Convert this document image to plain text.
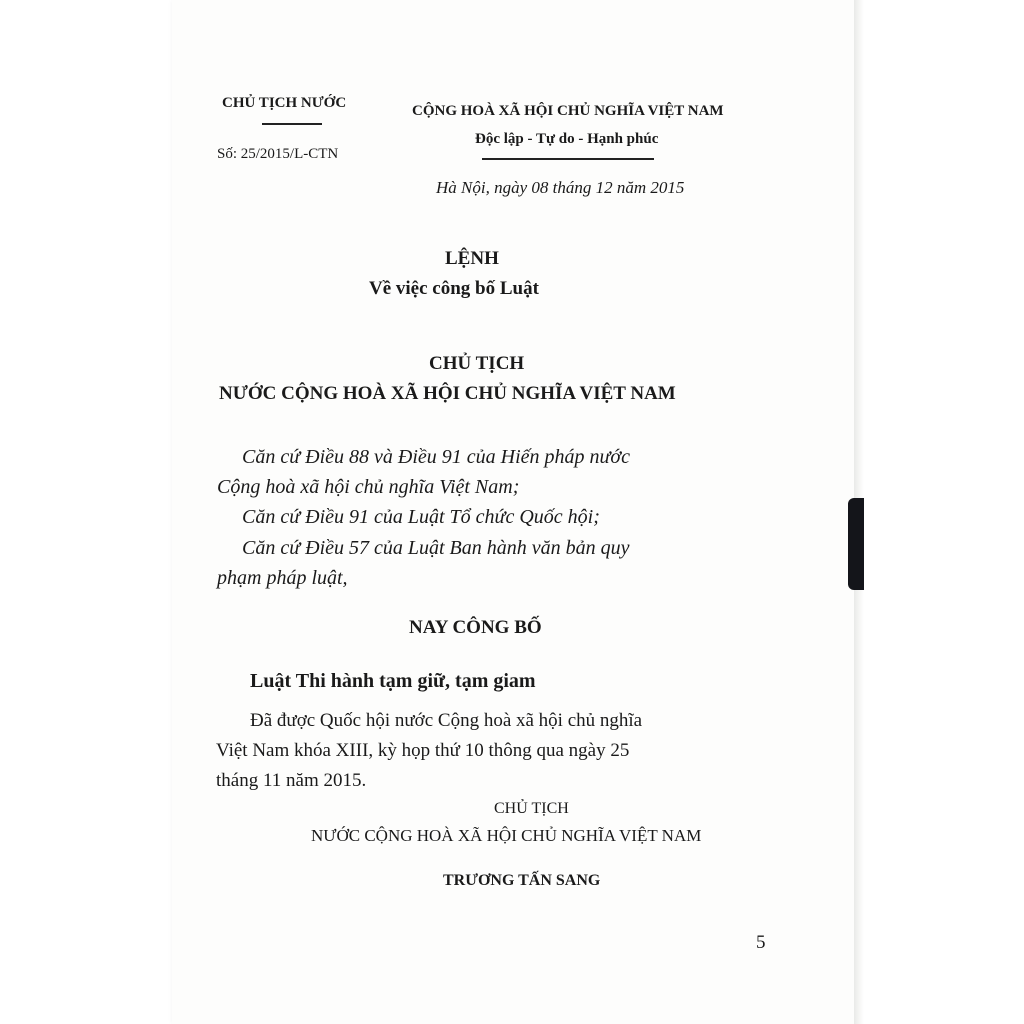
CHỦ TỊCH NƯỚC

Số: 25/2015/L-CTN

CỘNG HOÀ XÃ HỘI CHỦ NGHĨA VIỆT NAM

Độc lập - Tự do - Hạnh phúc

Hà Nội, ngày 08 tháng 12 năm 2015

LỆNH

Về việc công bố Luật

CHỦ TỊCH

NƯỚC CỘNG HOÀ XÃ HỘI CHỦ NGHĨA VIỆT NAM

Căn cứ Điều 88 và Điều 91 của Hiến pháp nước

Cộng hoà xã hội chủ nghĩa Việt Nam;

Căn cứ Điều 91 của Luật Tổ chức Quốc hội;

Căn cứ Điều 57 của Luật Ban hành văn bản quy

phạm pháp luật,

NAY CÔNG BỐ

Luật Thi hành tạm giữ, tạm giam

Đã được Quốc hội nước Cộng hoà xã hội chủ nghĩa

Việt Nam khóa XIII, kỳ họp thứ 10 thông qua ngày 25

tháng 11 năm 2015.

CHỦ TỊCH

NƯỚC CỘNG HOÀ XÃ HỘI CHỦ NGHĨA VIỆT NAM

TRƯƠNG TẤN SANG

5
